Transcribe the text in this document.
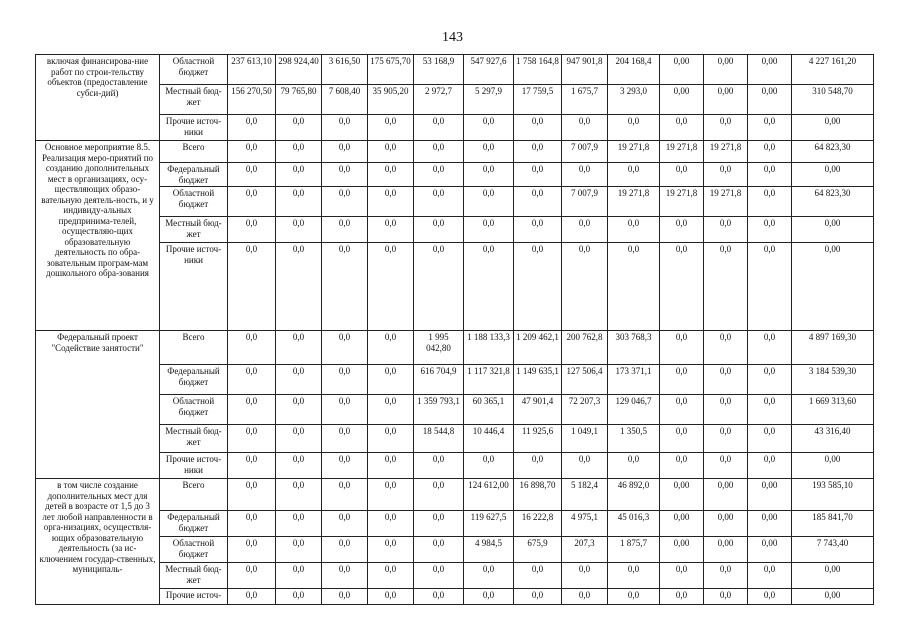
143
включая финансирова-ние работ по строи-тельству объектов (предоставление субси-дий)	Областной бюджет	237 613,10	298 924,40	3 616,50	175 675,70	53 168,9	547 927,6	1 758 164,8	947 901,8	204 168,4	0,00	0,00	0,00	4 227 161,20
	Местный бюд-жет	156 270,50	79 765,80	7 608,40	35 905,20	2 972,7	5 297,9	17 759,5	1 675,7	3 293,0	0,00	0,00	0,00	310 548,70
	Прочие источ-ники	0,0	0,0	0,0	0,0	0,0	0,0	0,0	0,0	0,0	0,0	0,0	0,0	0,00
Основное мероприятие 8.5. Реализация меро-приятий по созданию дополнительных мест в организациях, осу-ществляющих образо-вательную деятель-ность, и у индивиду-альных предпринима-телей, осуществляю-щих образовательную деятельность по обра-зовательным програм-мам дошкольного обра-зования	Всего	0,0	0,0	0,0	0,0	0,0	0,0	0,0	7 007,9	19 271,8	19 271,8	19 271,8	0,0	64 823,30
	Федеральный бюджет	0,0	0,0	0,0	0,0	0,0	0,0	0,0	0,0	0,0	0,0	0,0	0,0	0,00
	Областной бюджет	0,0	0,0	0,0	0,0	0,0	0,0	0,0	7 007,9	19 271,8	19 271,8	19 271,8	0,0	64 823,30
	Местный бюд-жет	0,0	0,0	0,0	0,0	0,0	0,0	0,0	0,0	0,0	0,0	0,0	0,0	0,00
	Прочие источ-ники	0,0	0,0	0,0	0,0	0,0	0,0	0,0	0,0	0,0	0,0	0,0	0,0	0,00
Федеральный проект "Содействие занятости"	Всего	0,0	0,0	0,0	0,0	1 995 042,80	1 188 133,3	1 209 462,1	200 762,8	303 768,3	0,0	0,0	0,0	4 897 169,30
	Федеральный бюджет	0,0	0,0	0,0	0,0	616 704,9	1 117 321,8	1 149 635,1	127 506,4	173 371,1	0,0	0,0	0,0	3 184 539,30
	Областной бюджет	0,0	0,0	0,0	0,0	1 359 793,1	60 365,1	47 901,4	72 207,3	129 046,7	0,0	0,0	0,0	1 669 313,60
	Местный бюд-жет	0,0	0,0	0,0	0,0	18 544,8	10 446,4	11 925,6	1 049,1	1 350,5	0,0	0,0	0,0	43 316,40
	Прочие источ-ники	0,0	0,0	0,0	0,0	0,0	0,0	0,0	0,0	0,0	0,0	0,0	0,0	0,00
в том числе создание дополнительных мест для детей в возрасте от 1,5 до 3 лет любой направленности в орга-низациях, осуществля-ющих образовательную деятельность (за ис-ключением государ-ственных, муниципаль-	Всего	0,0	0,0	0,0	0,0	0,0	124 612,00	16 898,70	5 182,4	46 892,0	0,00	0,00	0,00	193 585,10
	Федеральный бюджет	0,0	0,0	0,0	0,0	0,0	119 627,5	16 222,8	4 975,1	45 016,3	0,00	0,00	0,00	185 841,70
	Областной бюджет	0,0	0,0	0,0	0,0	0,0	4 984,5	675,9	207,3	1 875,7	0,00	0,00	0,00	7 743,40
	Местный бюд-жет	0,0	0,0	0,0	0,0	0,0	0,0	0,0	0,0	0,0	0,0	0,0	0,0	0,00
	Прочие источ-	0,0	0,0	0,0	0,0	0,0	0,0	0,0	0,0	0,0	0,0	0,0	0,0	0,00
